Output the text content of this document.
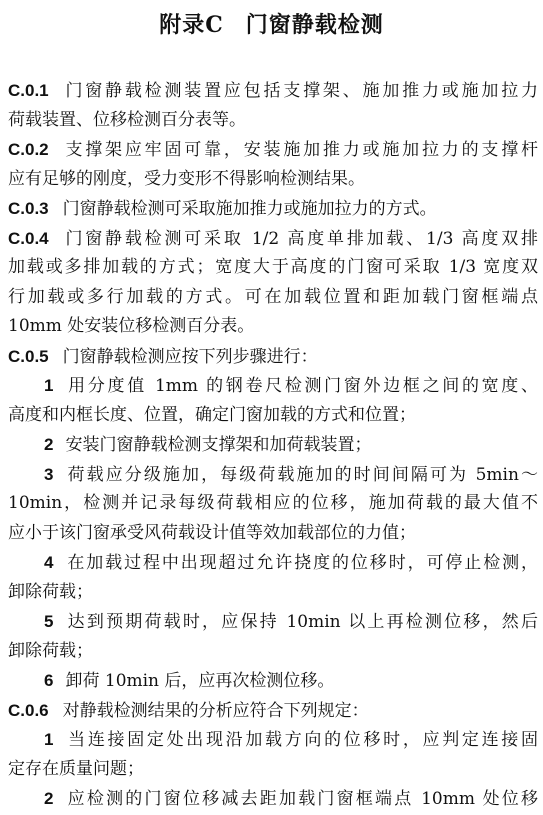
附录C 门窗静载检测
C.0.1 门窗静载检测装置应包括支撑架、施加推力或施加拉力
荷载装置、位移检测百分表等。
C.0.2 支撑架应牢固可靠，安装施加推力或施加拉力的支撑杆
应有足够的刚度，受力变形不得影响检测结果。
C.0.3 门窗静载检测可采取施加推力或施加拉力的方式。
C.0.4 门窗静载检测可采取 1/2 高度单排加载、1/3 高度双排
加载或多排加载的方式；宽度大于高度的门窗可采取 1/3 宽度双
行加载或多行加载的方式。可在加载位置和距加载门窗框端点
10mm 处安装位移检测百分表。
C.0.5 门窗静载检测应按下列步骤进行：
1 用分度值 1mm 的钢卷尺检测门窗外边框之间的宽度、
高度和内框长度、位置，确定门窗加载的方式和位置；
2 安装门窗静载检测支撑架和加荷载装置；
3 荷载应分级施加，每级荷载施加的时间间隔可为 5min～
10min，检测并记录每级荷载相应的位移，施加荷载的最大值不
应小于该门窗承受风荷载设计值等效加载部位的力值；
4 在加载过程中出现超过允许挠度的位移时，可停止检测，
卸除荷载；
5 达到预期荷载时，应保持 10min 以上再检测位移，然后
卸除荷载；
6 卸荷 10min 后，应再次检测位移。
C.0.6 对静载检测结果的分析应符合下列规定：
1 当连接固定处出现沿加载方向的位移时，应判定连接固
定存在质量问题；
2 应检测的门窗位移减去距加载门窗框端点 10mm 处位移
